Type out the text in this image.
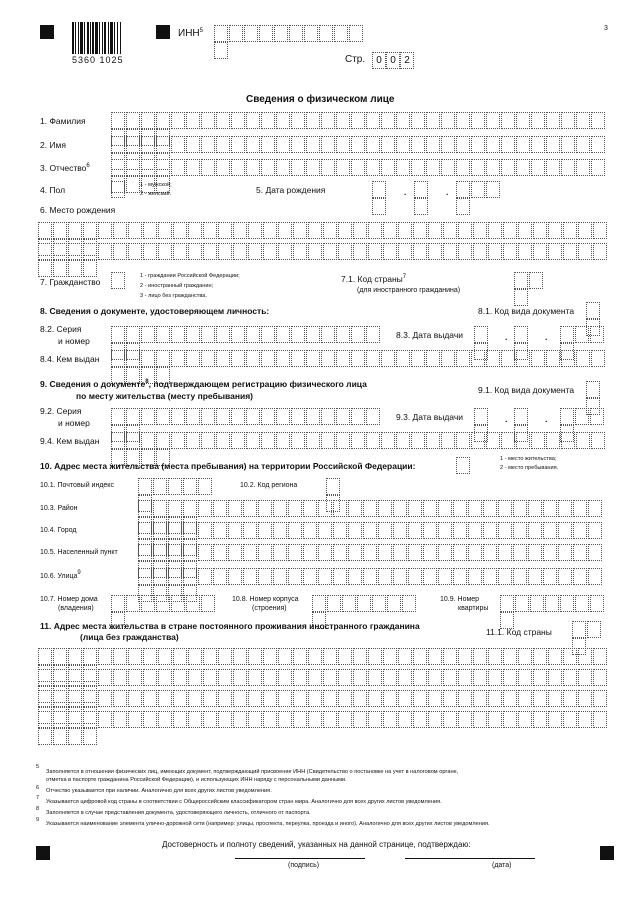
3
5360 1025
ИНН$^5$
Стр.	0 0 2
Сведения о физическом лице
1. Фамилия
2. Имя
3. Отчество$^6$
4. Пол	1 - мужской;
2 - женский.	5. Дата рождения	.	.
6. Место рождения
7. Гражданство
1 - граждании Российской Федерации;
2 - иностранный гражданин;
3 - лицо без гражданства.
7.1. Код страны$^7$
(для иностранного гражданина)
8. Сведения о документе, удостоверяющем личность:	8.1. Код вида документа
8.2. Серия
и номер
8.3. Дата выдачи	.	.
8.4. Кем выдан
9. Сведения о документе$^8$, подтверждающем регистрацию физического лица
по месту жительства (месту пребывания)
9.1. Код вида документа
9.2. Серия
и номер
9.3. Дата выдачи	.	.
9.4. Кем выдан
10. Адрес места жительства (места пребывания) на территории Российской Федерации:
1 - место жительства;
2 - место пребывания.
10.1. Почтовый индекс	10.2. Код региона
10.3. Район
10.4. Город
10.5. Населенный пункт
10.6. Улица9
10.7. Номер дома
(владения)
10.8. Номер корпуса
(строения)
10.9. Номер
квартиры
11. Адрес места жительства в стране постоянного проживания иностранного гражданина
(лица без гражданства)	11.1. Код страны
5
Заполняется в отношении физических лиц, имеющих документ, подтверждающий присвоение ИНН (Свидетельство о постановке на учет в налоговом органе,
отметка в паспорте гражданина Российской Федерации), и использующих ИНН наряду с персональными данными.
6 Отчество указывается при наличии. Аналогично для всех других листов уведомления.
7
Указывается цифровой код страны в соответствии с Общероссийским классификатором стран мира. Аналогично для всех других листов уведомления.
8
Заполняется в случае представления документа, удостоверяющего личность, отличного от паспорта.
9
Указывается наименование элемента улично-дорожной сети (например: улицы, проспекта, переулка, проезда и иного). Аналогично для всех других листов уведомления.
Достоверность и полноту сведений, указанных на данной странице, подтверждаю:
(подпись)	(дата)
